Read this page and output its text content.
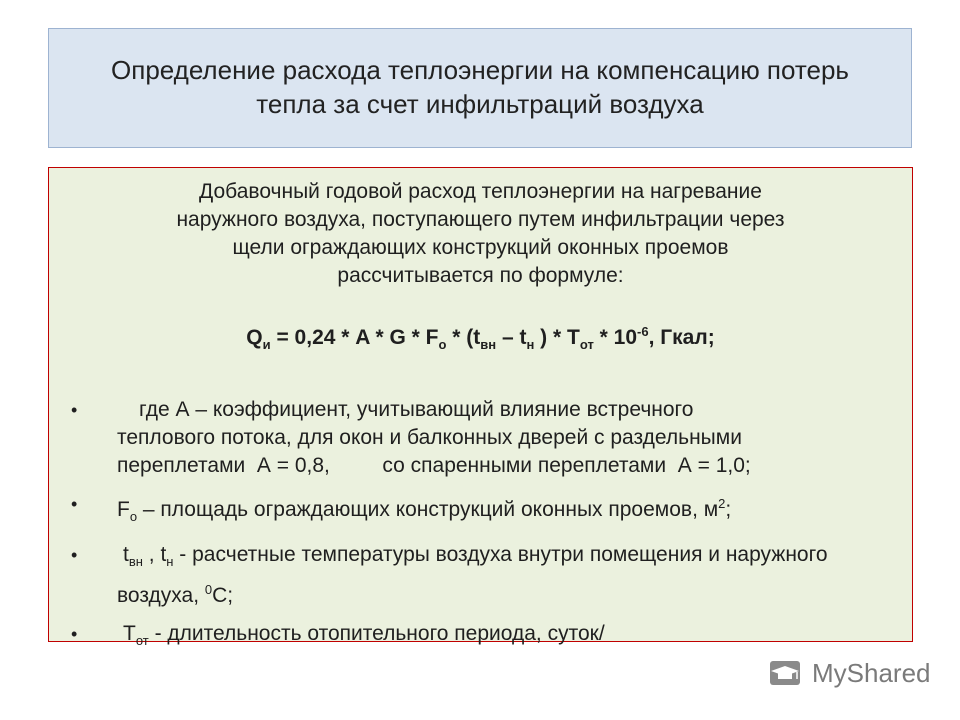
Определение расхода теплоэнергии на компенсацию потерь
тепла за счет инфильтраций воздуха
Добавочный годовой расход теплоэнергии на нагревание
наружного воздуха, поступающего путем инфильтрации через
щели ограждающих конструкций оконных проемов
рассчитывается по формуле:
$Q_и = 0,24 * A * G * F_о * (t_{вн} - t_н$ ) * $T_{от} * 10^{-6}$, Гкал;
•	где А – коэффициент, учитывающий влияние встречного
теплового потока, для окон и балконных дверей с раздельными
переплетами  А = 0,8,         со спаренными переплетами  А = 1,0;
•	$F_о$ – площадь ограждающих конструкций оконных проемов, $м^2$;
•	$t_{вн}$ , $t_н$ - расчетные температуры воздуха внутри помещения и наружного воздуха, $^0$С;
•	$Т_{от}$ - длительность отопительного периода, суток/
MyShared
